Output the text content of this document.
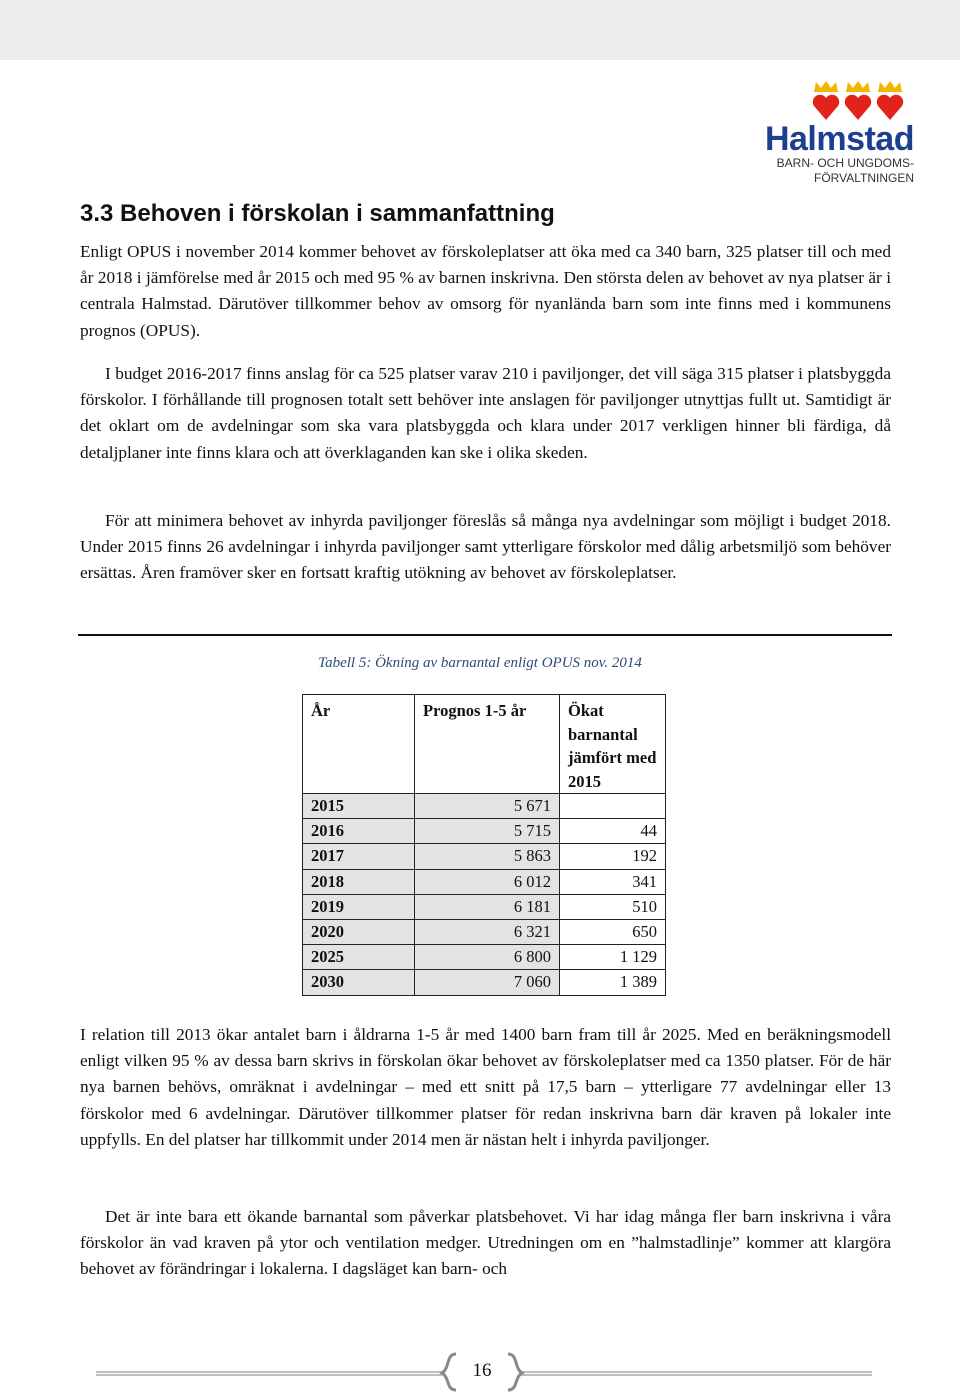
Halmstad
BARN- OCH UNGDOMS-
FÖRVALTNINGEN
3.3 Behoven i förskolan i sammanfattning

Enligt OPUS i november 2014 kommer behovet av förskoleplatser att öka med ca 340 barn, 325 platser till och med år 2018 i jämförelse med år 2015 och med 95 % av barnen inskrivna. Den största delen av behovet av nya platser är i centrala Halmstad. Därutöver tillkommer behov av omsorg för nyanlända barn som inte finns med i kommunens prognos (OPUS).

I budget 2016-2017 finns anslag för ca 525 platser varav 210 i paviljonger, det vill säga 315 platser i platsbyggda förskolor. I förhållande till prognosen totalt sett behöver inte anslagen för paviljonger utnyttjas fullt ut. Samtidigt är det oklart om de avdelningar som ska vara platsbyggda och klara under 2017 verkligen hinner bli färdiga, då detaljplaner inte finns klara och att överklaganden kan ske i olika skeden.

För att minimera behovet av inhyrda paviljonger föreslås så många nya avdelningar som möjligt i budget 2018. Under 2015 finns 26 avdelningar i inhyrda paviljonger samt ytterligare förskolor med dålig arbetsmiljö som behöver ersättas. Åren framöver sker en fortsatt kraftig utökning av behovet av förskoleplatser.

Tabell 5: Ökning av barnantal enligt OPUS nov. 2014
År	Prognos 1-5 år	Ökat barnantal jämfört med 2015
2015	5 671	
2016	5 715	44
2017	5 863	192
2018	6 012	341
2019	6 181	510
2020	6 321	650
2025	6 800	1 129
2030	7 060	1 389

I relation till 2013 ökar antalet barn i åldrarna 1-5 år med 1400 barn fram till år 2025. Med en beräkningsmodell enligt vilken 95 % av dessa barn skrivs in förskolan ökar behovet av förskoleplatser med ca 1350 platser. För de här nya barnen behövs, omräknat i avdelningar – med ett snitt på 17,5 barn – ytterligare 77 avdelningar eller 13 förskolor med 6 avdelningar. Därutöver tillkommer platser för redan inskrivna barn där kraven på lokaler inte uppfylls. En del platser har tillkommit under 2014 men är nästan helt i inhyrda paviljonger.

Det är inte bara ett ökande barnantal som påverkar platsbehovet. Vi har idag många fler barn inskrivna i våra förskolor än vad kraven på ytor och ventilation medger. Utredningen om en ”halmstadlinje” kommer att klargöra behovet av förändringar i lokalerna. I dagsläget kan barn- och

16
